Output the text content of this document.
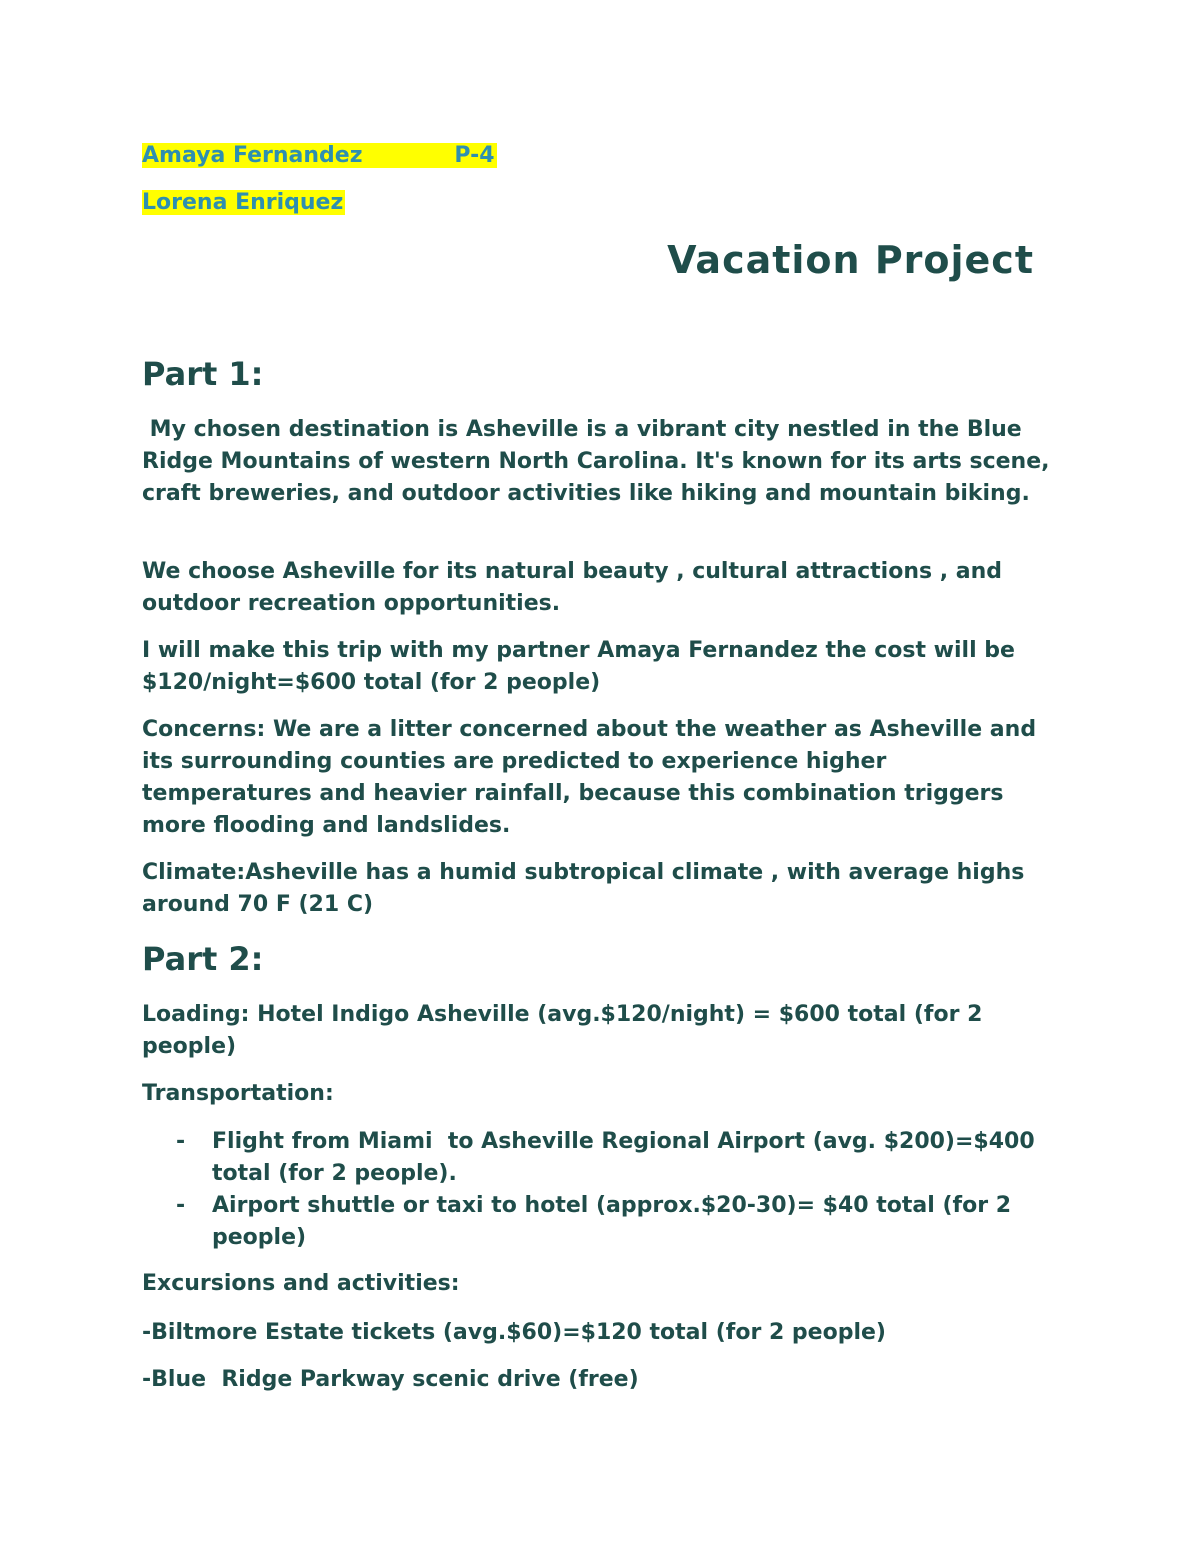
Amaya Fernandez            P-4
Lorena Enriquez
Vacation Project
Part 1:
My chosen destination is Asheville is a vibrant city nestled in the Blue Ridge Mountains of western North Carolina. It's known for its arts scene, craft breweries, and outdoor activities like hiking and mountain biking.
We choose Asheville for its natural beauty , cultural attractions , and outdoor recreation opportunities.
I will make this trip with my partner Amaya Fernandez the cost will be $120/night=$600 total (for 2 people)
Concerns: We are a litter concerned about the weather as Asheville and its surrounding counties are predicted to experience higher temperatures and heavier rainfall, because this combination triggers more flooding and landslides.
Climate:Asheville has a humid subtropical climate , with average highs around 70 F (21 C)
Part 2:
Loading: Hotel Indigo Asheville (avg.$120/night) = $600 total (for 2 people)
Transportation:
- Flight from Miami  to Asheville Regional Airport (avg. $200)=$400 total (for 2 people).
- Airport shuttle or taxi to hotel (approx.$20-30)= $40 total (for 2 people)
Excursions and activities:
-Biltmore Estate tickets (avg.$60)=$120 total (for 2 people)
-Blue  Ridge Parkway scenic drive (free)
